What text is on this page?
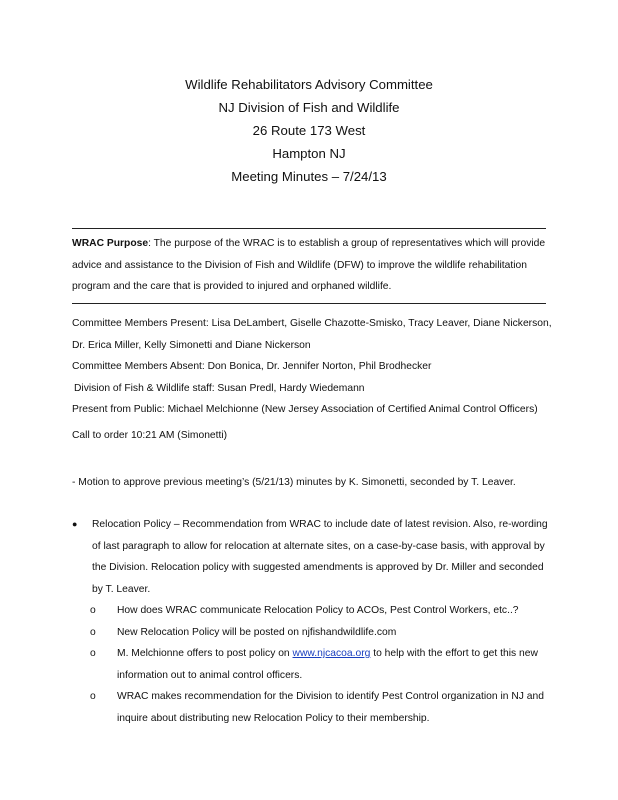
Wildlife Rehabilitators Advisory Committee
NJ Division of Fish and Wildlife
26 Route 173 West
Hampton NJ
Meeting Minutes – 7/24/13
WRAC Purpose: The purpose of the WRAC is to establish a group of representatives which will provide advice and assistance to the Division of Fish and Wildlife (DFW) to improve the wildlife rehabilitation program and the care that is provided to injured and orphaned wildlife.
Committee Members Present: Lisa DeLambert, Giselle Chazotte-Smisko, Tracy Leaver, Diane Nickerson, Dr. Erica Miller, Kelly Simonetti and Diane Nickerson
Committee Members Absent: Don Bonica, Dr. Jennifer Norton, Phil Brodhecker
Division of Fish & Wildlife staff: Susan Predl, Hardy Wiedemann
Present from Public: Michael Melchionne (New Jersey Association of Certified Animal Control Officers)
Call to order 10:21 AM (Simonetti)
- Motion to approve previous meeting’s (5/21/13) minutes by K. Simonetti, seconded by T. Leaver.
●	Relocation Policy – Recommendation from WRAC to include date of latest revision. Also, re-wording of last paragraph to allow for relocation at alternate sites, on a case-by-case basis, with approval by the Division. Relocation policy with suggested amendments is approved by Dr. Miller and seconded by T. Leaver.
o	How does WRAC communicate Relocation Policy to ACOs, Pest Control Workers, etc..?
o	New Relocation Policy will be posted on njfishandwildlife.com
o	M. Melchionne offers to post policy on www.njcacoa.org to help with the effort to get this new information out to animal control officers.
o	WRAC makes recommendation for the Division to identify Pest Control organization in NJ and inquire about distributing new Relocation Policy to their membership.
